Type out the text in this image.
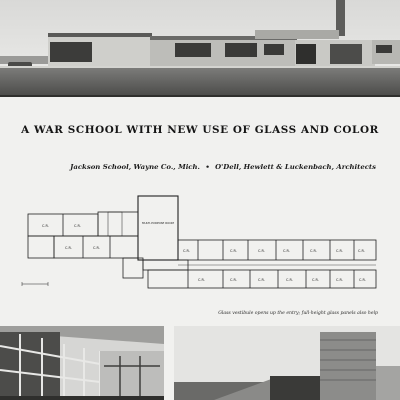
A WAR SCHOOL WITH NEW USE OF GLASS AND COLOR
Jackson School, Wayne Co., Mich. • O'Dell, Hewlett & Luckenbach, Architects
C.R.	C.R.
C.R.	C.R.
C.R.	C.R.	C.R.	C.R.	C.R.	C.R.	C.R.
C.R.	C.R.	C.R.	C.R.	C.R.	C.R.	C.R.
MULTI-PURPOSE ROOM
Glass vestibule opens up the entry; full-height glass panels also help
